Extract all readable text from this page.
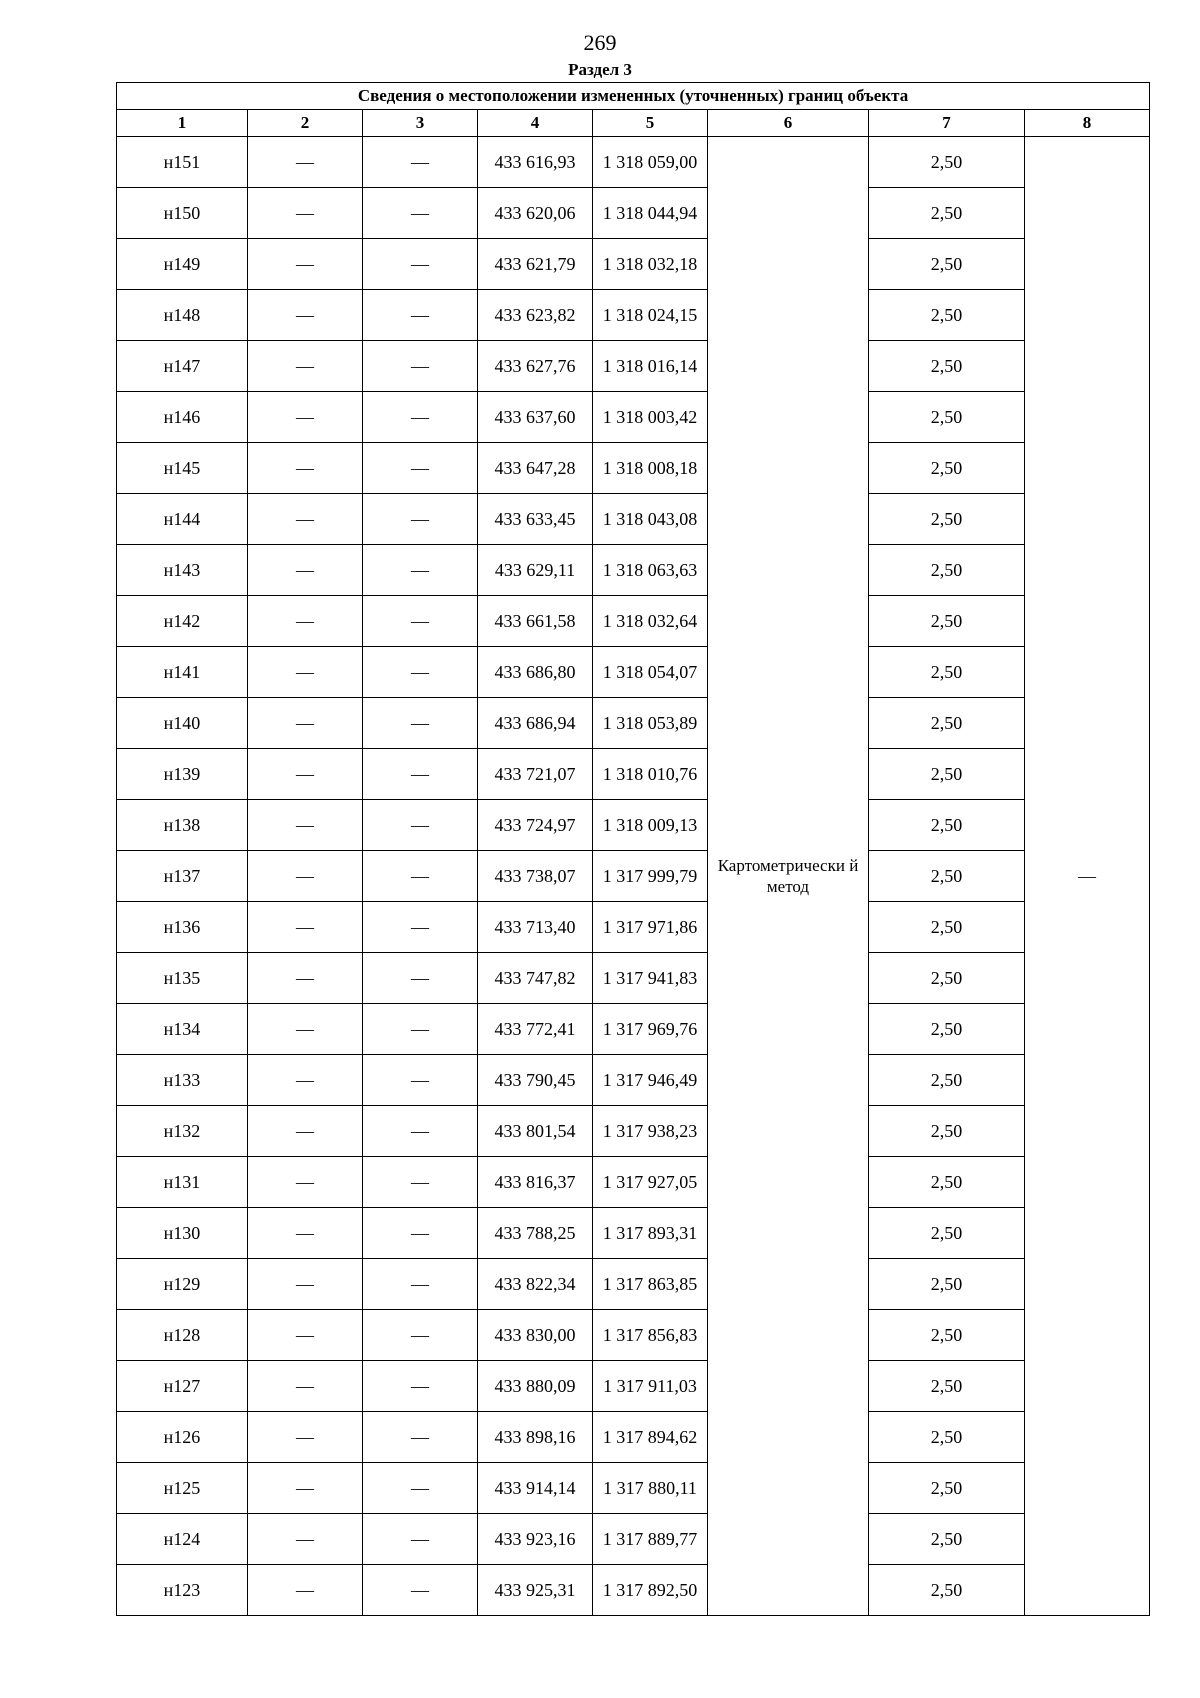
269
Раздел 3
Сведения о местоположении измененных (уточненных) границ объекта							
1	2	3	4	5	6	7	8
н151	—	—	433 616,93	1 318 059,00	Картометрически й метод	2,50	—
н150	—	—	433 620,06	1 318 044,94		2,50	
н149	—	—	433 621,79	1 318 032,18		2,50	
н148	—	—	433 623,82	1 318 024,15		2,50	
н147	—	—	433 627,76	1 318 016,14		2,50	
н146	—	—	433 637,60	1 318 003,42		2,50	
н145	—	—	433 647,28	1 318 008,18		2,50	
н144	—	—	433 633,45	1 318 043,08		2,50	
н143	—	—	433 629,11	1 318 063,63		2,50	
н142	—	—	433 661,58	1 318 032,64		2,50	
н141	—	—	433 686,80	1 318 054,07		2,50	
н140	—	—	433 686,94	1 318 053,89		2,50	
н139	—	—	433 721,07	1 318 010,76		2,50	
н138	—	—	433 724,97	1 318 009,13		2,50	
н137	—	—	433 738,07	1 317 999,79		2,50	
н136	—	—	433 713,40	1 317 971,86		2,50	
н135	—	—	433 747,82	1 317 941,83		2,50	
н134	—	—	433 772,41	1 317 969,76		2,50	
н133	—	—	433 790,45	1 317 946,49		2,50	
н132	—	—	433 801,54	1 317 938,23		2,50	
н131	—	—	433 816,37	1 317 927,05		2,50	
н130	—	—	433 788,25	1 317 893,31		2,50	
н129	—	—	433 822,34	1 317 863,85		2,50	
н128	—	—	433 830,00	1 317 856,83		2,50	
н127	—	—	433 880,09	1 317 911,03		2,50	
н126	—	—	433 898,16	1 317 894,62		2,50	
н125	—	—	433 914,14	1 317 880,11		2,50	
н124	—	—	433 923,16	1 317 889,77		2,50	
н123	—	—	433 925,31	1 317 892,50		2,50	
